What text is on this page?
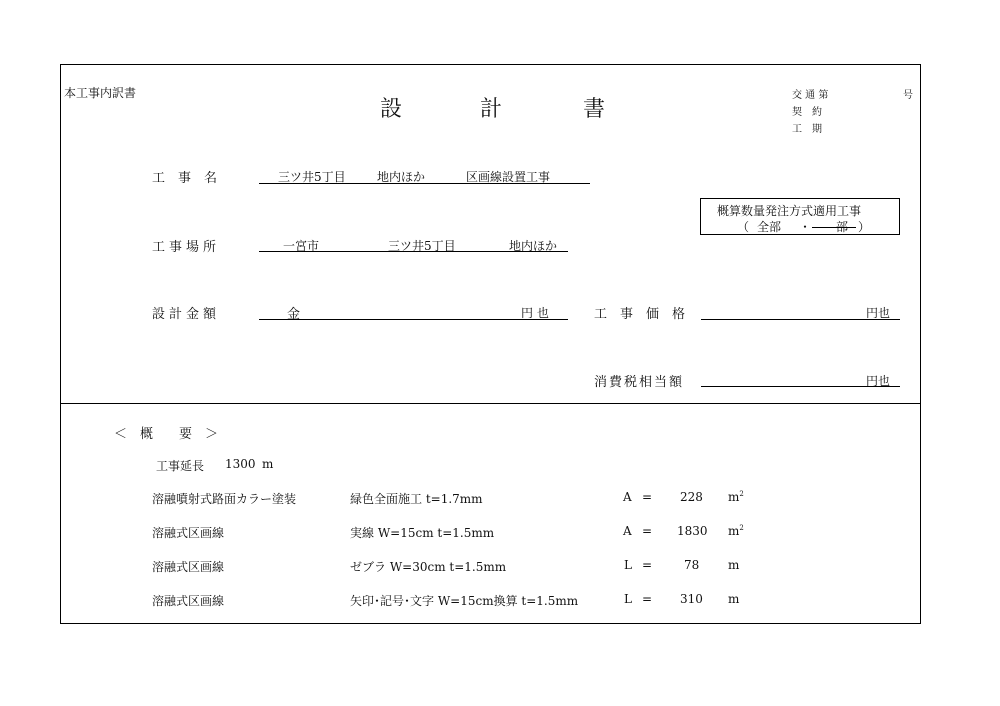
本工事内訳書
設	計	書
交 通 第
契　約
工　期
号
工　事　名	三ツ井5丁目	地内ほか	区画線設置工事
概算数量発注方式適用工事
（ 全部 ・ 部 ）
工事場所	一宮市	三ツ井5丁目	地内ほか
設計金額	金	円 也	工　事　価　格	円也
消費税相当額	円也
＜　概　　要　＞
工事延長 1300 m
溶融噴射式路面カラー塗装	緑色全面施工 t=1.7mm	A = 228 $m^2$
溶融式区画線	実線 W=15cm t=1.5mm	A = 1830 $m^2$
溶融式区画線	ゼブラ W=30cm t=1.5mm	L =	78 m
溶融式区画線	矢印･記号･文字 W=15cm換算 t=1.5mm	L = 310 m
